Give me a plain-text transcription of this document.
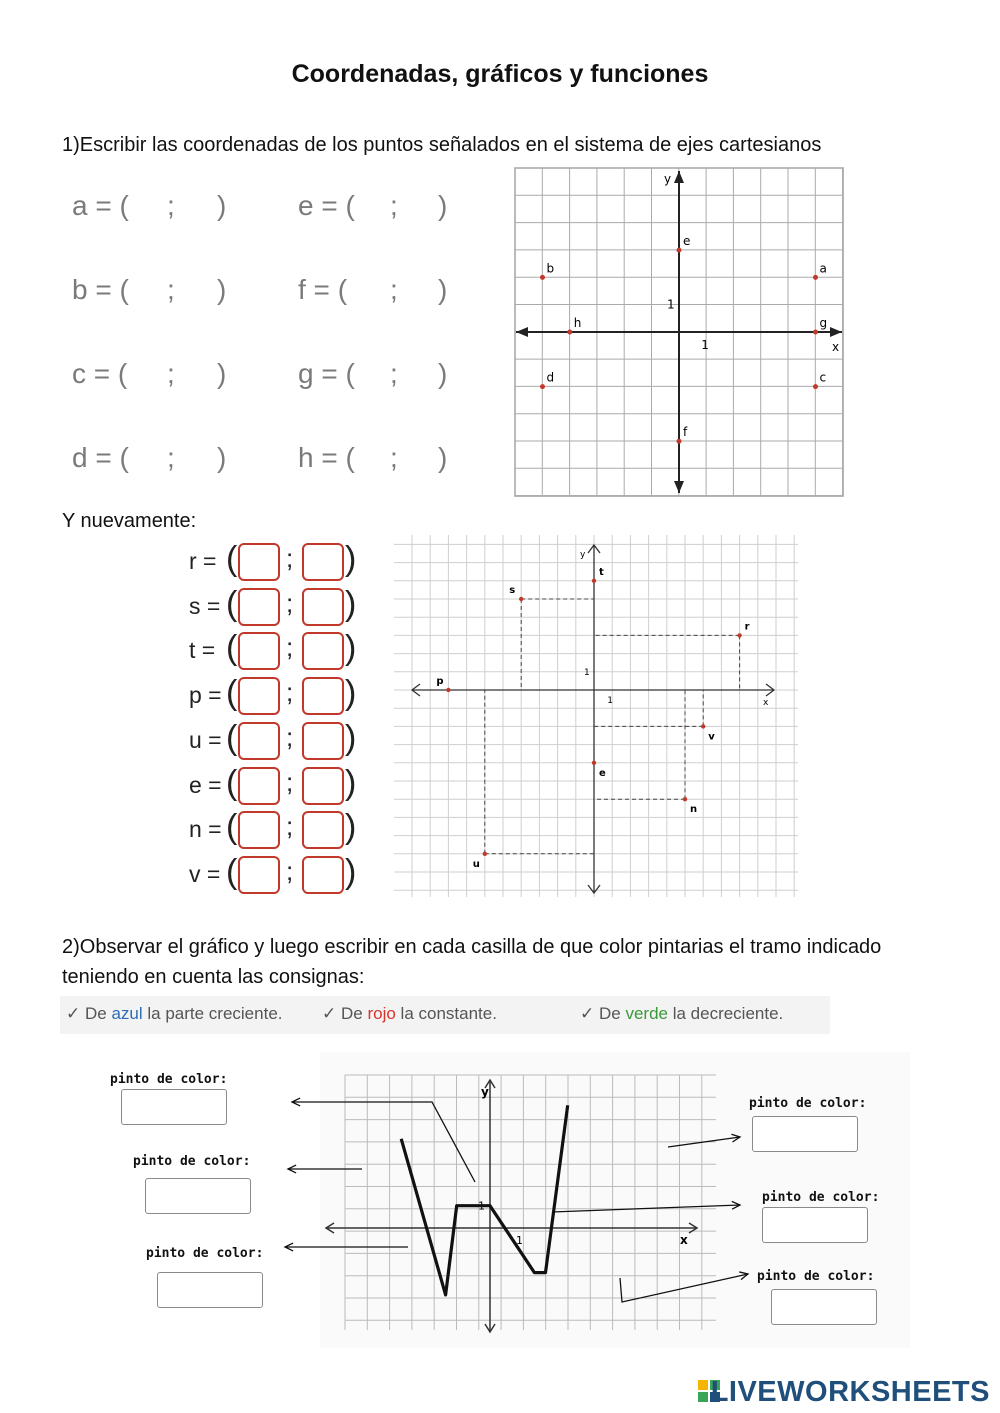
Coordenadas, gráficos y funciones
1)Escribir las coordenadas de los puntos señalados en el sistema de ejes cartesianos
a = ( ; )
b = ( ; )
c = ( ; )
d = ( ; )
e = ( ; )
f = ( ; )
g = ( ; )
h = ( ; )
x
y
1
1
a
b
c
d
e
f
g
h
Y nuevamente:
r = ( ; )
s = ( ; )
t = ( ; )
p = ( ; )
u = ( ; )
e = ( ; )
n = ( ; )
v = ( ; )
x
y
1
1
t
s
r
p
v
e
n
u
2)Observar el gráfico y luego escribir en cada casilla de que color pintarias el tramo indicado
teniendo en cuenta las consignas:
✓ De azul la parte creciente. ✓ De rojo la constante.	✓ De verde la decreciente.
x
y
1
1
pinto de color:
pinto de color:
pinto de color:
pinto de color:
pinto de color:
pinto de color:
LIVEWORKSHEETS
